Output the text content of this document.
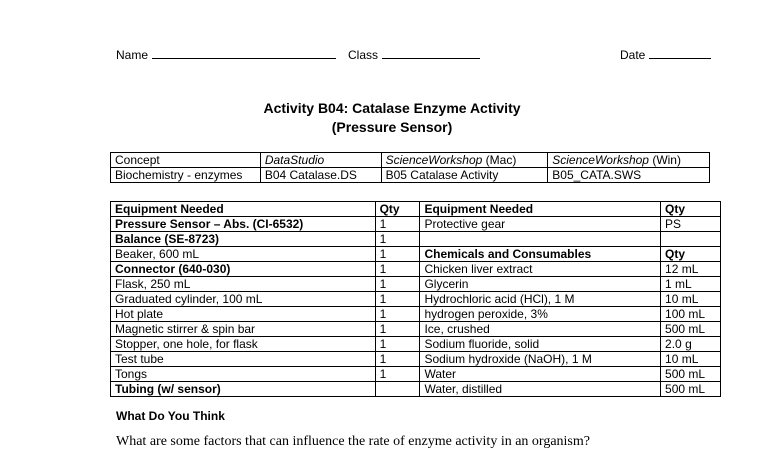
Name	Class	Date
Activity B04: Catalase Enzyme Activity
(Pressure Sensor)
Concept	DataStudio	ScienceWorkshop (Mac)	ScienceWorkshop (Win)
Biochemistry - enzymes	B04 Catalase.DS	B05 Catalase Activity	B05_CATA.SWS
Equipment Needed	Qty	Equipment Needed	Qty
Pressure Sensor – Abs. (CI-6532)	1	Protective gear	PS
Balance (SE-8723)	1		
Beaker, 600 mL	1	Chemicals and Consumables	Qty
Connector (640-030)	1	Chicken liver extract	12 mL
Flask, 250 mL	1	Glycerin	1 mL
Graduated cylinder, 100 mL	1	Hydrochloric acid (HCl), 1 M	10 mL
Hot plate	1	hydrogen peroxide, 3%	100 mL
Magnetic stirrer & spin bar	1	Ice, crushed	500 mL
Stopper, one hole, for flask	1	Sodium fluoride, solid	2.0 g
Test tube	1	Sodium hydroxide (NaOH), 1 M	10 mL
Tongs	1	Water	500 mL
Tubing (w/ sensor)		Water, distilled	500 mL
What Do You Think
What are some factors that can influence the rate of enzyme activity in an organism?
